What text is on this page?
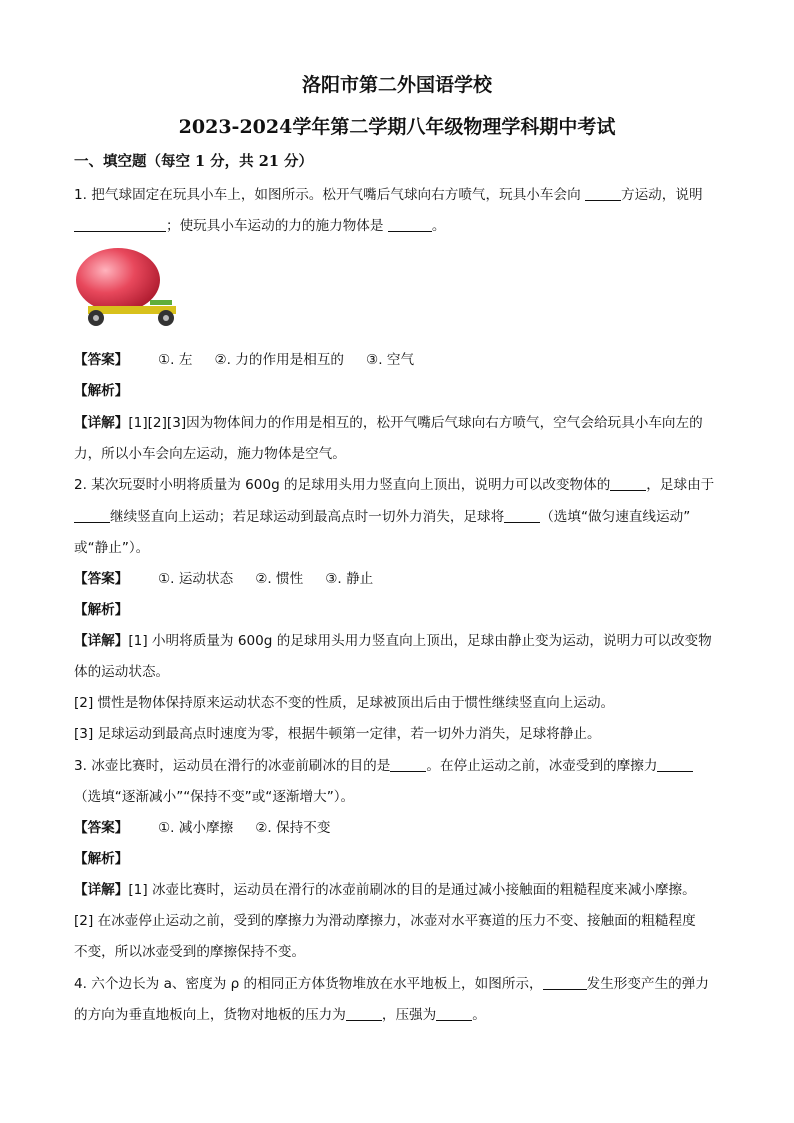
洛阳市第二外国语学校
2023-2024学年第二学期八年级物理学科期中考试
一、填空题（每空 1 分，共 21 分）
1. 把气球固定在玩具小车上，如图所示。松开气嘴后气球向右方喷气，玩具小车会向	方运动，说明
；使玩具小车运动的力的施力物体是	。
【答案】 ①. 左 ②. 力的作用是相互的 ③. 空气
【解析】
【详解】[1][2][3]因为物体间力的作用是相互的，松开气嘴后气球向右方喷气，空气会给玩具小车向左的
力，所以小车会向左运动，施力物体是空气。
2. 某次玩耍时小明将质量为 600g 的足球用头用力竖直向上顶出，说明力可以改变物体的	，足球由于
继续竖直向上运动；若足球运动到最高点时一切外力消失，足球将	（选填“做匀速直线运动”
或“静止”）。
【答案】 ①. 运动状态 ②. 惯性 ③. 静止
【解析】
【详解】[1] 小明将质量为 600g 的足球用头用力竖直向上顶出，足球由静止变为运动，说明力可以改变物
体的运动状态。
[2] 惯性是物体保持原来运动状态不变的性质，足球被顶出后由于惯性继续竖直向上运动。
[3] 足球运动到最高点时速度为零，根据牛顿第一定律，若一切外力消失，足球将静止。
3. 冰壶比赛时，运动员在滑行的冰壶前刷冰的目的是	。在停止运动之前，冰壶受到的摩擦力
（选填“逐渐减小”“保持不变”或“逐渐增大”）。
【答案】 ①. 减小摩擦 ②. 保持不变
【解析】
【详解】[1] 冰壶比赛时，运动员在滑行的冰壶前刷冰的目的是通过减小接触面的粗糙程度来减小摩擦。
[2] 在冰壶停止运动之前，受到的摩擦力为滑动摩擦力，冰壶对水平赛道的压力不变、接触面的粗糙程度
不变，所以冰壶受到的摩擦保持不变。
4. 六个边长为 a、密度为 ρ 的相同正方体货物堆放在水平地板上，如图所示，	发生形变产生的弹力
的方向为垂直地板向上，货物对地板的压力为	，压强为	。
